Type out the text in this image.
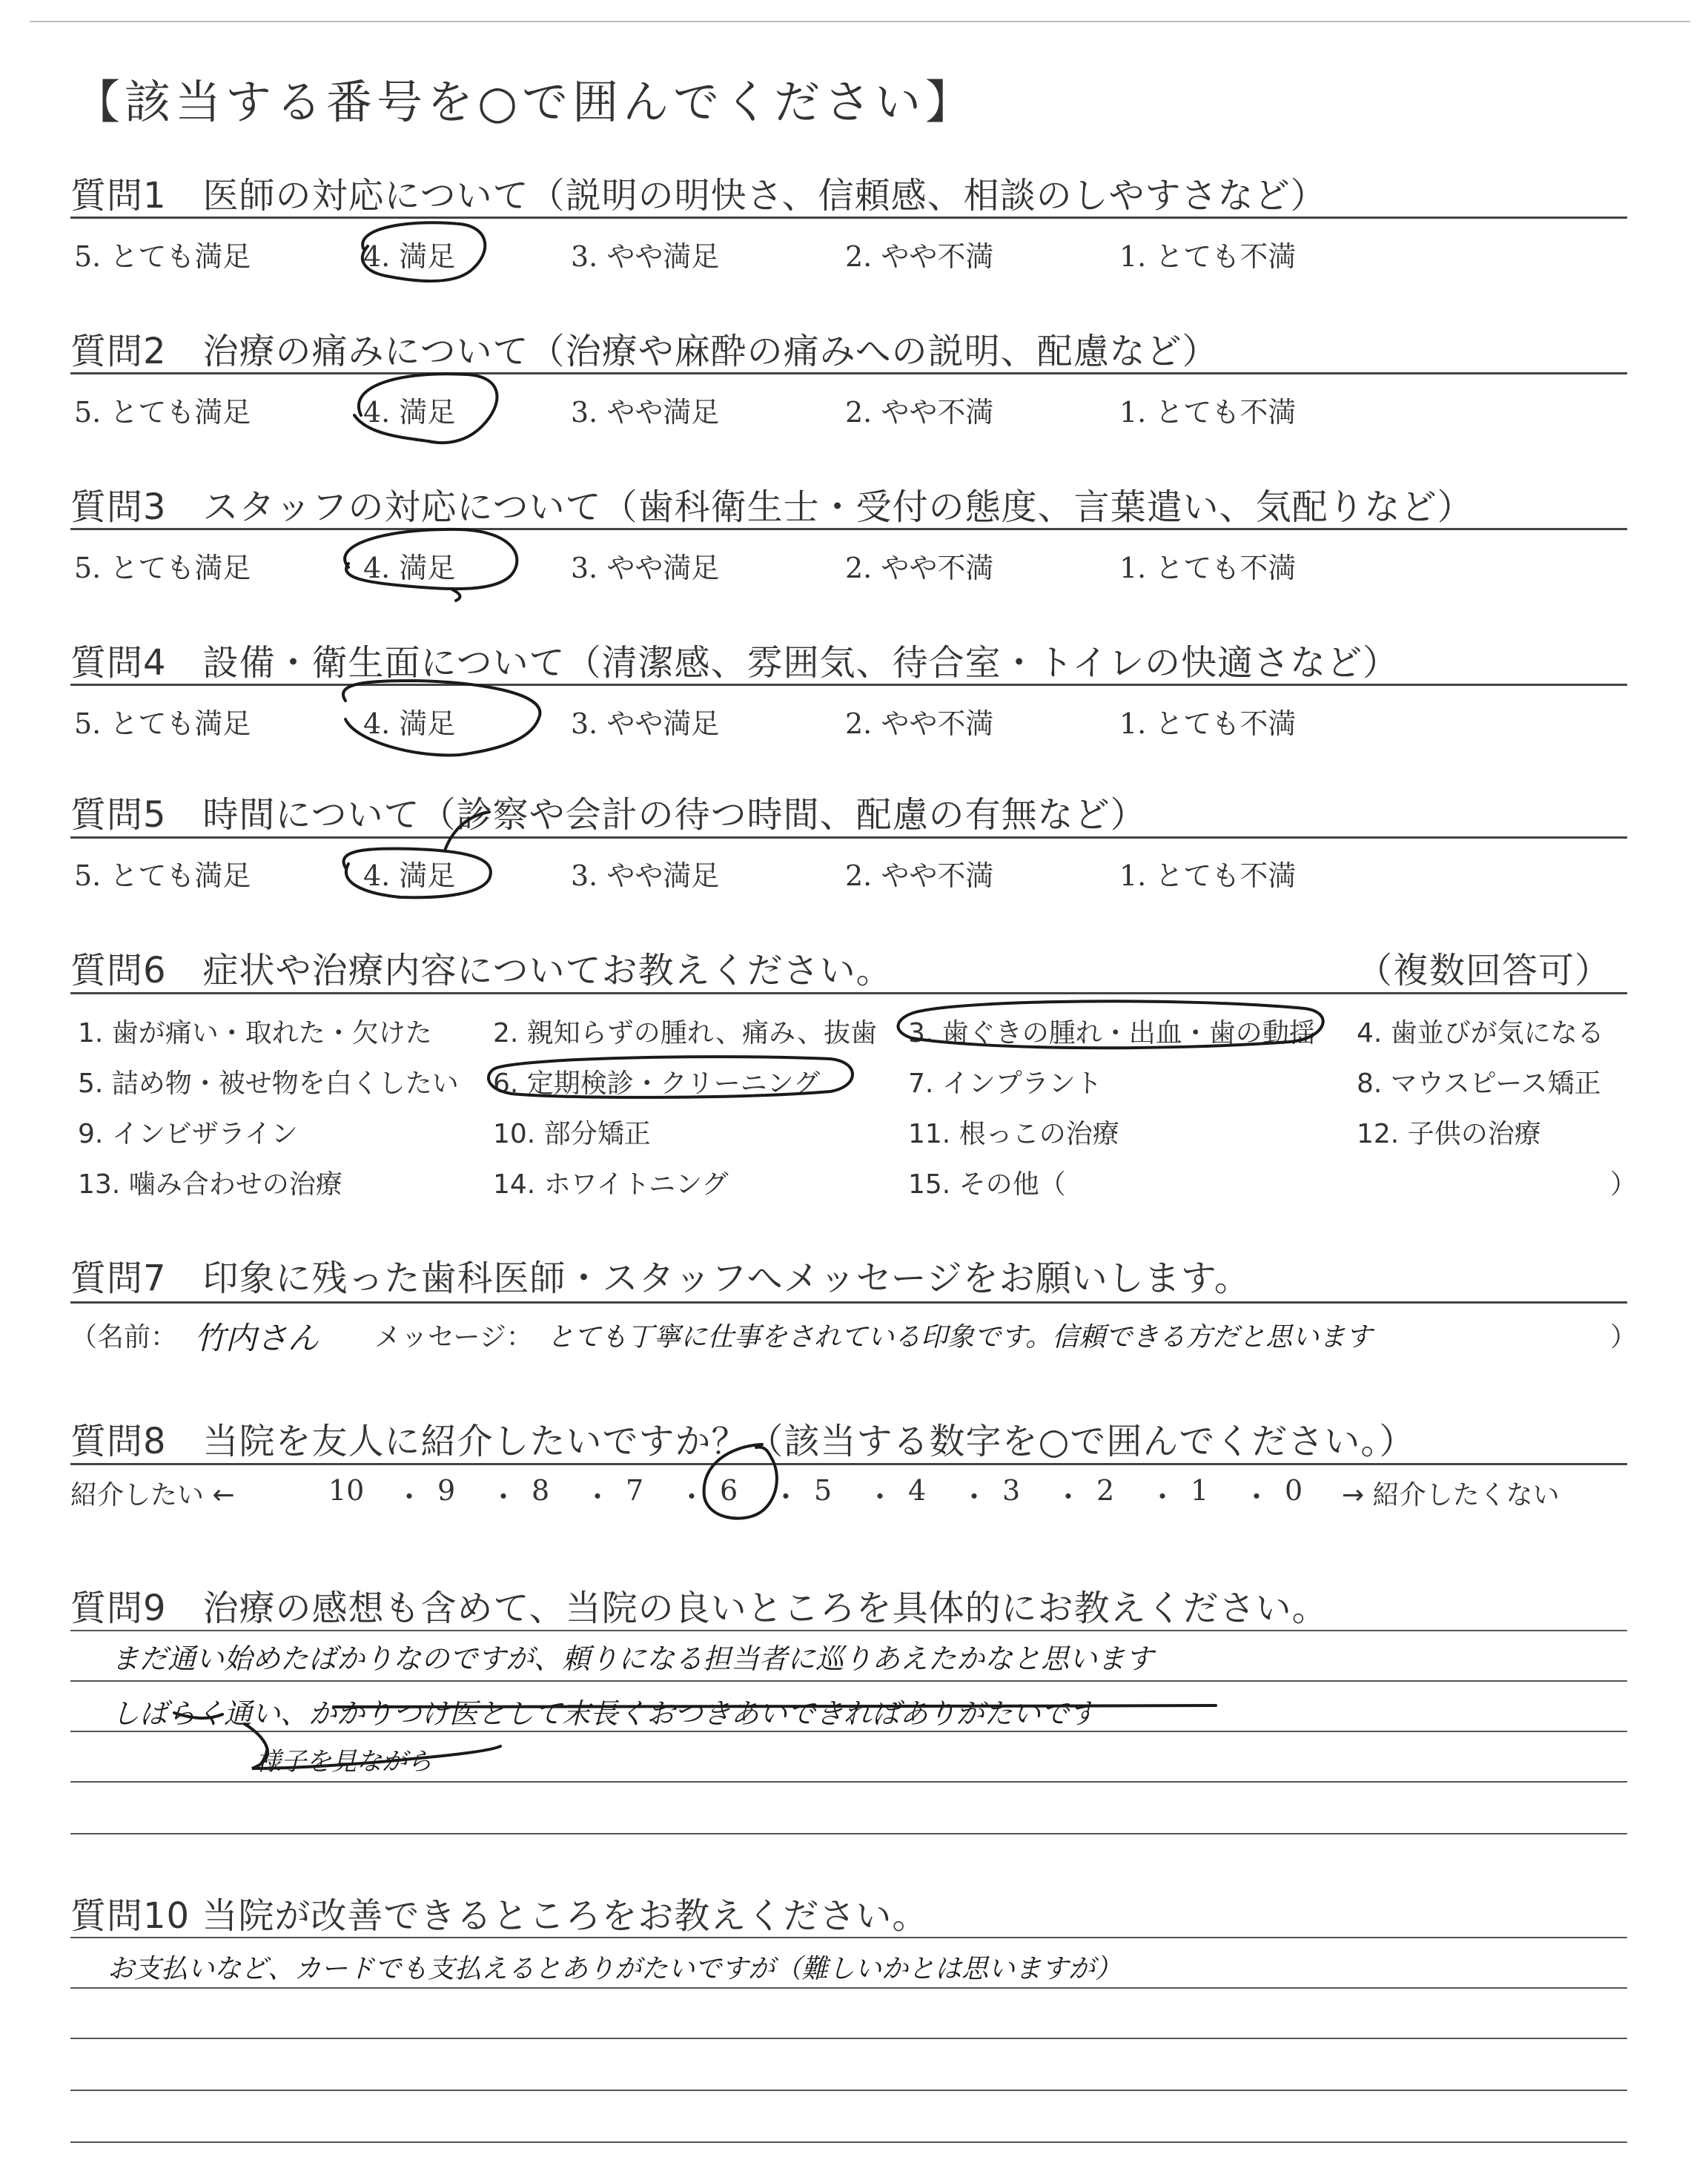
【該当する番号を○で囲んでください】
質問1　医師の対応について（説明の明快さ、信頼感、相談のしやすさなど）
5. とても満足	4. 満足	3. やや満足	2. やや不満	1. とても不満
質問2　治療の痛みについて（治療や麻酔の痛みへの説明、配慮など）
5. とても満足	4. 満足	3. やや満足	2. やや不満	1. とても不満
質問3　スタッフの対応について（歯科衛生士・受付の態度、言葉遣い、気配りなど）
5. とても満足	4. 満足	3. やや満足	2. やや不満	1. とても不満
質問4　設備・衛生面について（清潔感、雰囲気、待合室・トイレの快適さなど）
5. とても満足	4. 満足	3. やや満足	2. やや不満	1. とても不満
質問5　時間について（診察や会計の待つ時間、配慮の有無など）
5. とても満足	4. 満足	3. やや満足	2. やや不満	1. とても不満
質問6　症状や治療内容についてお教えください。	（複数回答可）
1. 歯が痛い・取れた・欠けた 2. 親知らずの腫れ、痛み、抜歯 3. 歯ぐきの腫れ・出血・歯の動揺 4. 歯並びが気になる
5. 詰め物・被せ物を白くしたい 6. 定期検診・クリーニング	7. インプラント	8. マウスピース矯正
9. インビザライン	10. 部分矯正	11. 根っこの治療	12. 子供の治療
13. 噛み合わせの治療	14. ホワイトニング	15. その他（	）
質問7　印象に残った歯科医師・スタッフへメッセージをお願いします。
（名前： 竹内さん メッセージ： とても丁寧に仕事をされている印象です。信頼できる方だと思います	）
質問8　当院を友人に紹介したいですか？（該当する数字を○で囲んでください。）
紹介したい ←	→ 紹介したくない
10	9	8	7	6	5	4	3	2	1	0
・ ・ ・ ・ ・ ・ ・ ・ ・ ・
質問9　治療の感想も含めて、当院の良いところを具体的にお教えください。
まだ通い始めたばかりなのですが、頼りになる担当者に巡りあえたかなと思います
しばらく通い、かかりつけ医として末長くおつきあいできればありがたいです
様子を見ながら
質問10 当院が改善できるところをお教えください。
お支払いなど、カードでも支払えるとありがたいですが（難しいかとは思いますが）
